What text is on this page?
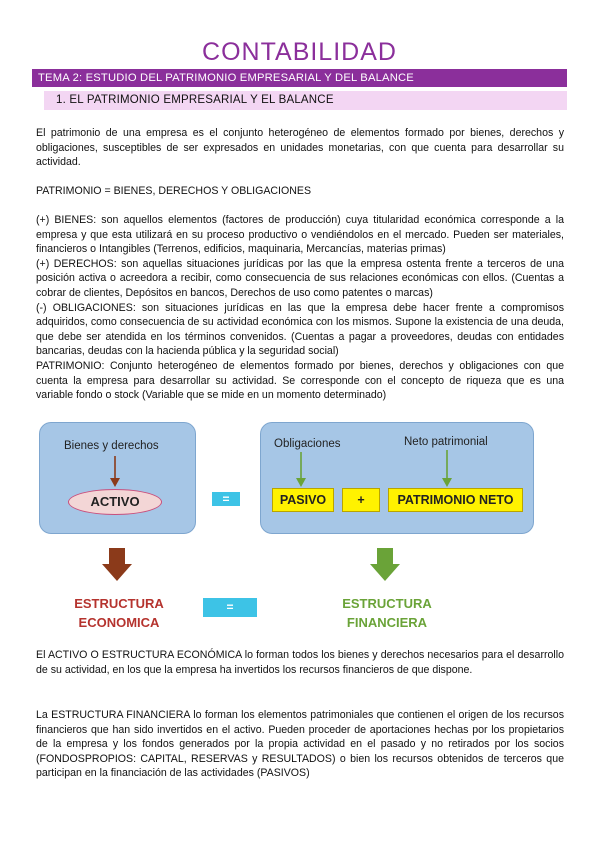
CONTABILIDAD
TEMA 2: ESTUDIO DEL PATRIMONIO EMPRESARIAL Y DEL BALANCE
1. EL PATRIMONIO EMPRESARIAL Y EL BALANCE

El patrimonio de una empresa es el conjunto heterogéneo de elementos formado por bienes, derechos y obligaciones, susceptibles de ser expresados en unidades monetarias, con que cuenta para desarrollar su actividad.

PATRIMONIO = BIENES, DERECHOS Y OBLIGACIONES

(+) BIENES: son aquellos elementos (factores de producción) cuya titularidad económica corresponde a la empresa y que esta utilizará en su proceso productivo o vendiéndolos en el mercado. Pueden ser materiales, financieros o Intangibles (Terrenos, edificios, maquinaria, Mercancías, materias primas)

(+) DERECHOS: son aquellas situaciones jurídicas por las que la empresa ostenta frente a terceros de una posición activa o acreedora a recibir, como consecuencia de sus relaciones económicas con ellos. (Cuentas a cobrar de clientes, Depósitos en bancos, Derechos de uso como patentes o marcas)

(-) OBLIGACIONES: son situaciones jurídicas en las que la empresa debe hacer frente a compromisos adquiridos, como consecuencia de su actividad económica con los mismos. Supone la existencia de una deuda, que debe ser atendida en los términos convenidos. (Cuentas a pagar a proveedores, deudas con entidades bancarias, deudas con la hacienda pública y la seguridad social)

PATRIMONIO: Conjunto heterogéneo de elementos formado por bienes, derechos y obligaciones con que cuenta la empresa para desarrollar su actividad. Se corresponde con el concepto de riqueza que es una variable fondo o stock (Variable que se mide en un momento determinado)

Bienes y derechos
ACTIVO	=
Obligaciones	Neto patrimonial
PASIVO	+	PATRIMONIO NETO
ESTRUCTURA
ECONOMICA
=	ESTRUCTURA
FINANCIERA

El ACTIVO O ESTRUCTURA ECONÓMICA lo forman todos los bienes y derechos necesarios para el desarrollo de su actividad, en los que la empresa ha invertidos los recursos financieros de que dispone.

La ESTRUCTURA FINANCIERA lo forman los elementos patrimoniales que contienen el origen de los recursos financieros que han sido invertidos en el activo. Pueden proceder de aportaciones hechas por los propietarios de la empresa y los fondos generados por la propia actividad en el pasado y no retirados por los socios (FONDOSPROPIOS: CAPITAL, RESERVAS y RESULTADOS) o bien los recursos obtenidos de terceros que participan en la financiación de las actividades (PASIVOS)
